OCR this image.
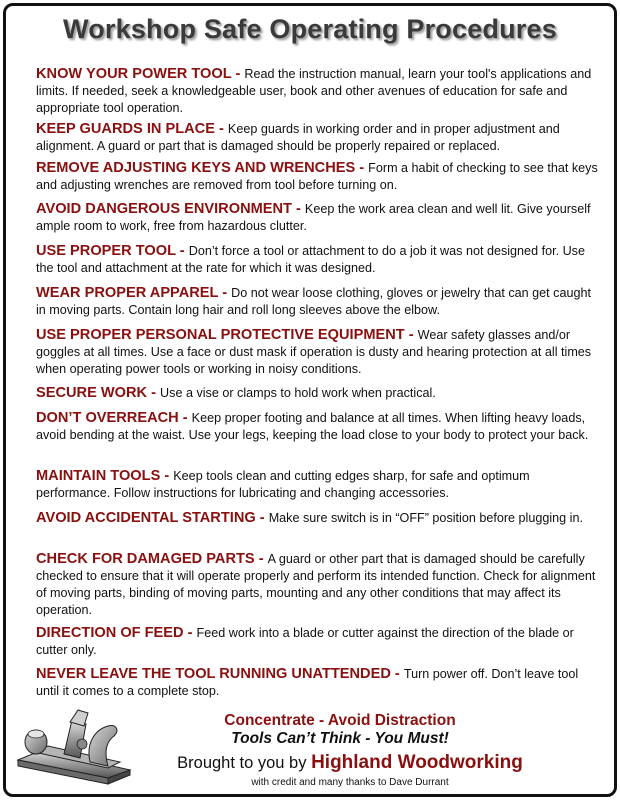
Workshop Safe Operating Procedures
KNOW YOUR POWER TOOL - Read the instruction manual, learn your tool's applications and limits. If needed, seek a knowledgeable user, book and other avenues of education for safe and appropriate tool operation.
KEEP GUARDS IN PLACE - Keep guards in working order and in proper adjustment and alignment. A guard or part that is damaged should be properly repaired or replaced.
REMOVE ADJUSTING KEYS AND WRENCHES - Form a habit of checking to see that keys and adjusting wrenches are removed from tool before turning on.
AVOID DANGEROUS ENVIRONMENT - Keep the work area clean and well lit. Give yourself ample room to work, free from hazardous clutter.
USE PROPER TOOL - Don’t force a tool or attachment to do a job it was not designed for. Use the tool and attachment at the rate for which it was designed.
WEAR PROPER APPAREL - Do not wear loose clothing, gloves or jewelry that can get caught in moving parts. Contain long hair and roll long sleeves above the elbow.
USE PROPER PERSONAL PROTECTIVE EQUIPMENT - Wear safety glasses and/or goggles at all times. Use a face or dust mask if operation is dusty and hearing protection at all times when operating power tools or working in noisy conditions.
SECURE WORK - Use a vise or clamps to hold work when practical.
DON’T OVERREACH - Keep proper footing and balance at all times. When lifting heavy loads, avoid bending at the waist. Use your legs, keeping the load close to your body to protect your back.
MAINTAIN TOOLS - Keep tools clean and cutting edges sharp, for safe and optimum performance. Follow instructions for lubricating and changing accessories.
AVOID ACCIDENTAL STARTING - Make sure switch is in “OFF” position before plugging in.
CHECK FOR DAMAGED PARTS - A guard or other part that is damaged should be carefully checked to ensure that it will operate properly and perform its intended function. Check for alignment of moving parts, binding of moving parts, mounting and any other conditions that may affect its operation.
DIRECTION OF FEED - Feed work into a blade or cutter against the direction of the blade or cutter only.
NEVER LEAVE THE TOOL RUNNING UNATTENDED - Turn power off. Don’t leave tool until it comes to a complete stop.
Concentrate - Avoid Distraction
Tools Can’t Think - You Must!
Brought to you by Highland Woodworking
with credit and many thanks to Dave Durrant
